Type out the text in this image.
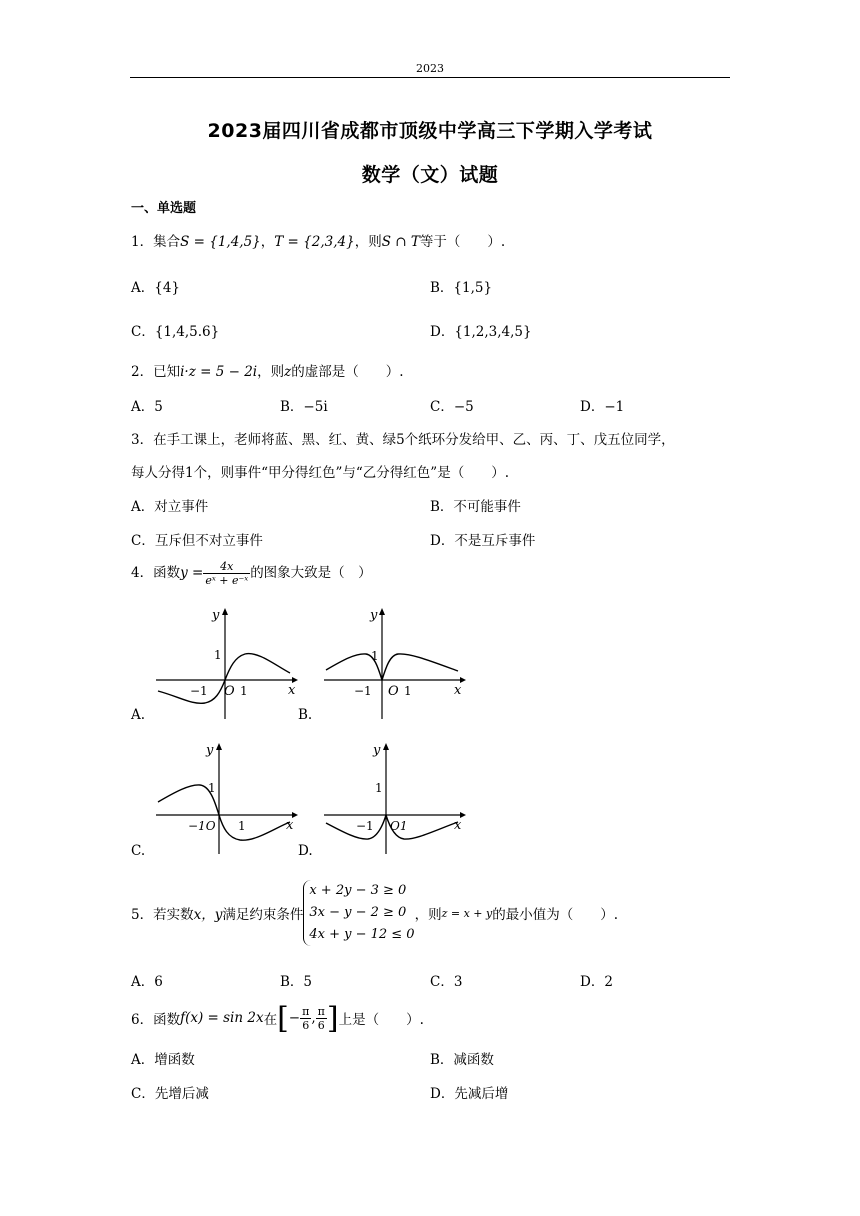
2023
2023届四川省成都市顶级中学高三下学期入学考试
数学（文）试题
一、单选题
1．集合S = {1,4,5}，T = {2,3,4}，则S ∩ T等于（　　）.
A．{4}	B．{1,5}
C．{1,4,5.6}	D．{1,2,3,4,5}
2．已知i·z = 5 − 2i，则z的虚部是（　　）.
A．5	B．−5i	C．−5	D．−1
3．在手工课上，老师将蓝、黑、红、黄、绿5个纸环分发给甲、乙、丙、丁、戊五位同学，
每人分得1个，则事件“甲分得红色”与“乙分得红色”是（　　）.
A．对立事件	B．不可能事件
C．互斥但不对立事件	D．不是互斥事件
4．函数$y = \frac{4x}{\text{eˣ + e⁻ˣ}}$ 的图象大致是（　）
y
x
1
−1 O 1
A.
y
x
1
−1 O 1
B.
y
x
1
−1O 1
C.
y
x
1
−1 O1
D.
5．若实数 x，y 满足约束条件
x + 2y − 3 ≥ 0
3x − y − 2 ≥ 0
4x + y − 12 ≤ 0
，则 z = x + y 的最小值为（　　）.
A．6	B．5	C．3	D．2
6．函数 f(x) = sin 2x 在 [ − $\frac{\pi}{6}$ , $\frac{\pi}{6}$ ] 上是（　　）.
A．增函数	B．减函数
C．先增后减	D．先减后增
